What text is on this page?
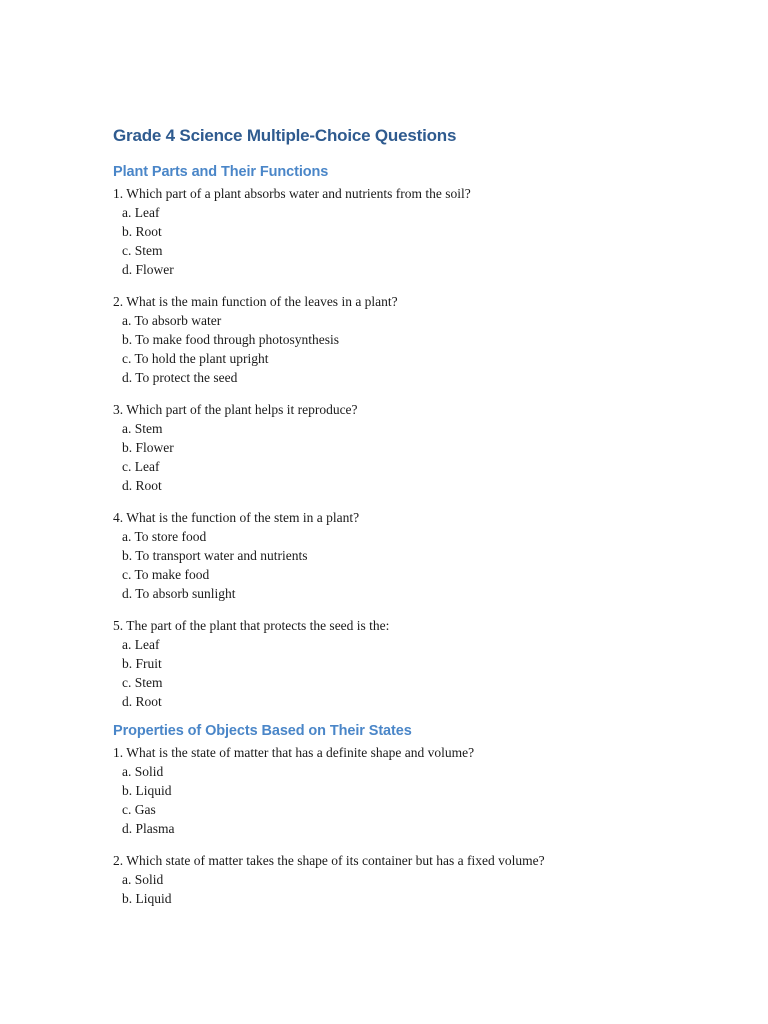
Grade 4 Science Multiple-Choice Questions
Plant Parts and Their Functions
1. Which part of a plant absorbs water and nutrients from the soil?
a. Leaf
b. Root
c. Stem
d. Flower
2. What is the main function of the leaves in a plant?
a. To absorb water
b. To make food through photosynthesis
c. To hold the plant upright
d. To protect the seed
3. Which part of the plant helps it reproduce?
a. Stem
b. Flower
c. Leaf
d. Root
4. What is the function of the stem in a plant?
a. To store food
b. To transport water and nutrients
c. To make food
d. To absorb sunlight
5. The part of the plant that protects the seed is the:
a. Leaf
b. Fruit
c. Stem
d. Root
Properties of Objects Based on Their States
1. What is the state of matter that has a definite shape and volume?
a. Solid
b. Liquid
c. Gas
d. Plasma
2. Which state of matter takes the shape of its container but has a fixed volume?
a. Solid
b. Liquid
